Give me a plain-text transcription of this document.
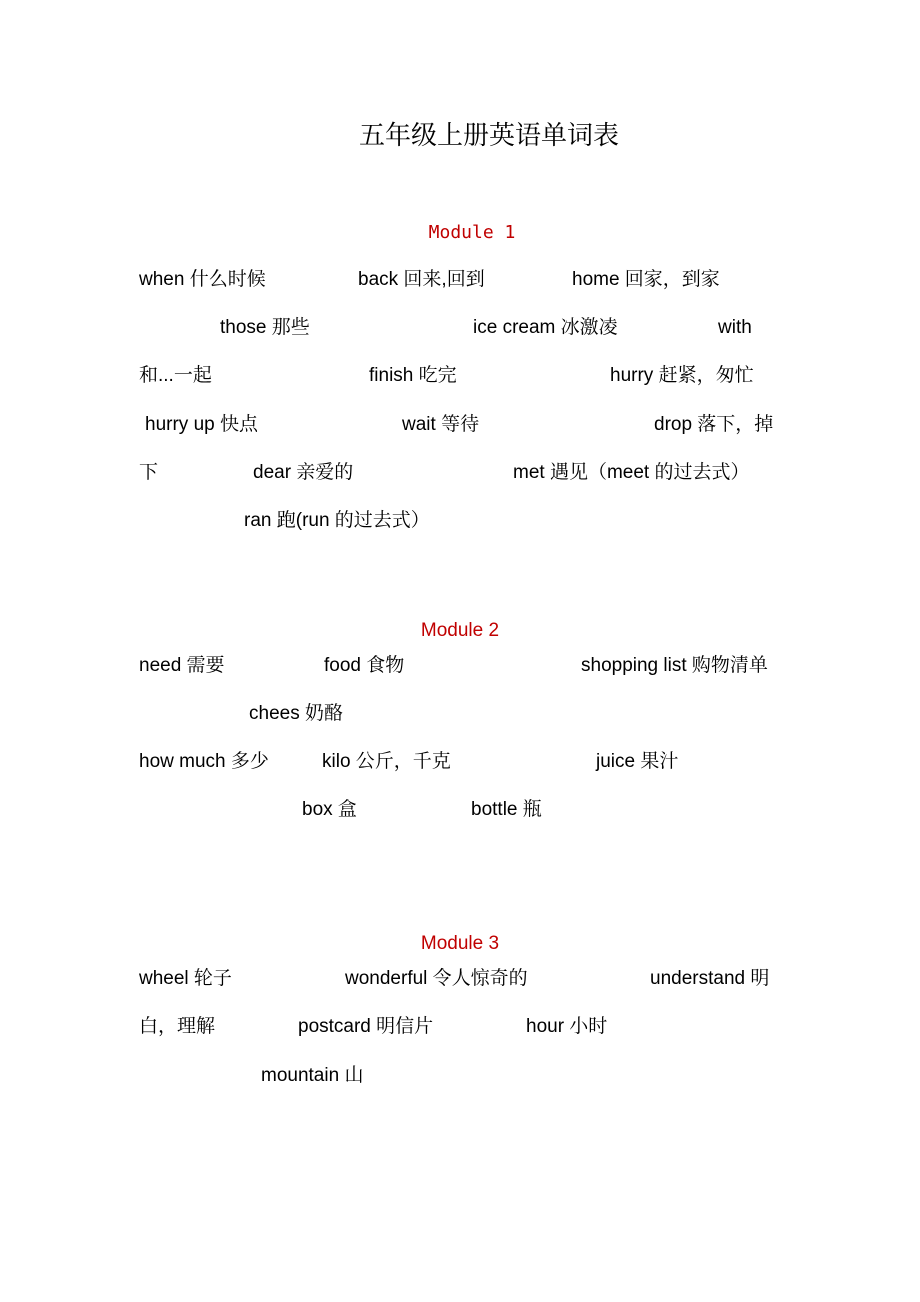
五年级上册英语单词表
Module 1
when 什么时候	back 回来,回到	home 回家，到家
those 那些	ice cream 冰激凌	with
和...一起	finish 吃完	hurry 赶紧，匆忙
hurry up 快点	wait 等待	drop 落下，掉
下	dear 亲爱的	met 遇见（meet 的过去式）
ran 跑(run 的过去式）
Module 2
need 需要	food 食物	shopping list 购物清单
chees 奶酪
how much 多少	kilo 公斤，千克	juice 果汁
box 盒	bottle 瓶
Module 3
wheel 轮子	wonderful 令人惊奇的	understand 明
白，理解	postcard 明信片	hour 小时
mountain 山
